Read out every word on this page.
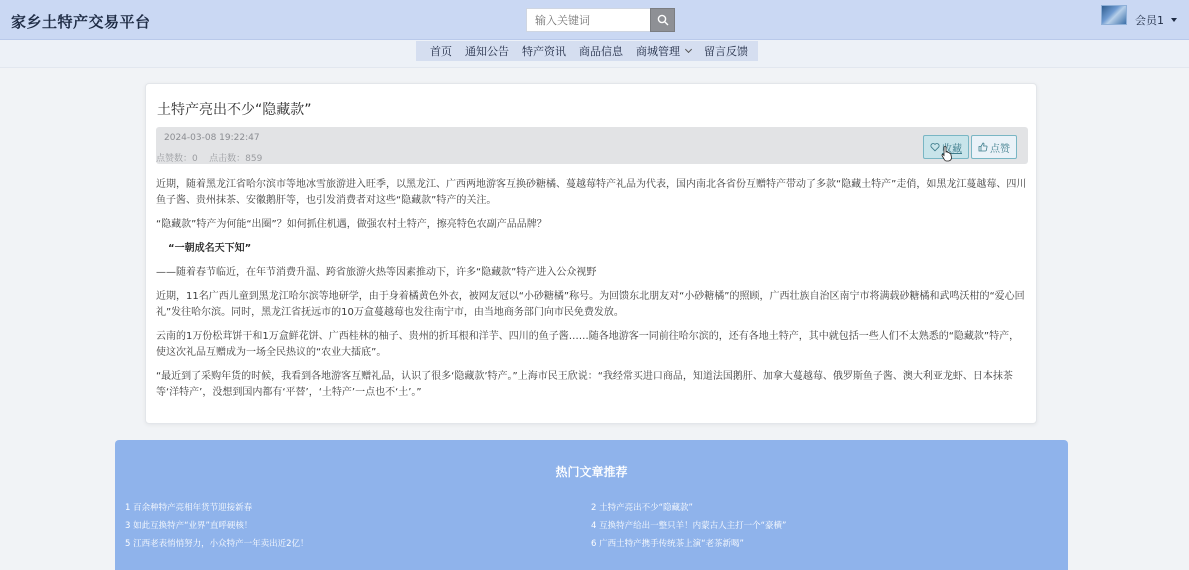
家乡土特产交易平台
输入关键词	会员1
首页 通知公告 特产资讯 商品信息 商城管理 留言反馈
土特产亮出不少“隐藏款”
2024-03-08 19:22:47
点赞数：0    点击数：859
收藏	点赞

近期，随着黑龙江省哈尔滨市等地冰雪旅游进入旺季，以黑龙江、广西两地游客互换砂糖橘、蔓越莓特产礼品为代表，国内南北各省份互赠特产带动了多款“隐藏土特产”走俏，如黑龙江蔓越莓、四川鱼子酱、贵州抹茶、安徽鹅肝等，也引发消费者对这些“隐藏款”特产的关注。

“隐藏款”特产为何能“出圈”？如何抓住机遇，做强农村土特产，擦亮特色农副产品品牌？

“一朝成名天下知”

——随着春节临近，在年节消费升温、跨省旅游火热等因素推动下，许多“隐藏款”特产进入公众视野

近期，11名广西儿童到黑龙江哈尔滨等地研学，由于身着橘黄色外衣，被网友冠以“小砂糖橘”称号。为回馈东北朋友对“小砂糖橘”的照顾，广西壮族自治区南宁市将满载砂糖橘和武鸣沃柑的“爱心回礼”发往哈尔滨。同时，黑龙江省抚远市的10万盒蔓越莓也发往南宁市，由当地商务部门向市民免费发放。

云南的1万份松茸饼干和1万盒鲜花饼、广西桂林的柚子、贵州的折耳根和洋芋、四川的鱼子酱……随各地游客一同前往哈尔滨的，还有各地土特产，其中就包括一些人们不太熟悉的“隐藏款”特产，使这次礼品互赠成为一场全民热议的“农业大擂底”。

“最近到了采购年货的时候，我看到各地游客互赠礼品，认识了很多‘隐藏款’特产。”上海市民王欣说：“我经常买进口商品，知道法国鹅肝、加拿大蔓越莓、俄罗斯鱼子酱、澳大利亚龙虾、日本抹茶等‘洋特产’，没想到国内都有‘平替’，‘土特产’一点也不‘土’。”

热门文章推荐
1 百余种特产亮相年货节迎接新春	2 土特产亮出不少“隐藏款”
3 如此互换特产“业界”直呼硬核！	4 互换特产给出一整只羊！内蒙古人主打一个“豪横”
5 江西老表悄悄努力，小众特产一年卖出近2亿！	6 广西土特产携手传统茶上演“老茶新喝”
